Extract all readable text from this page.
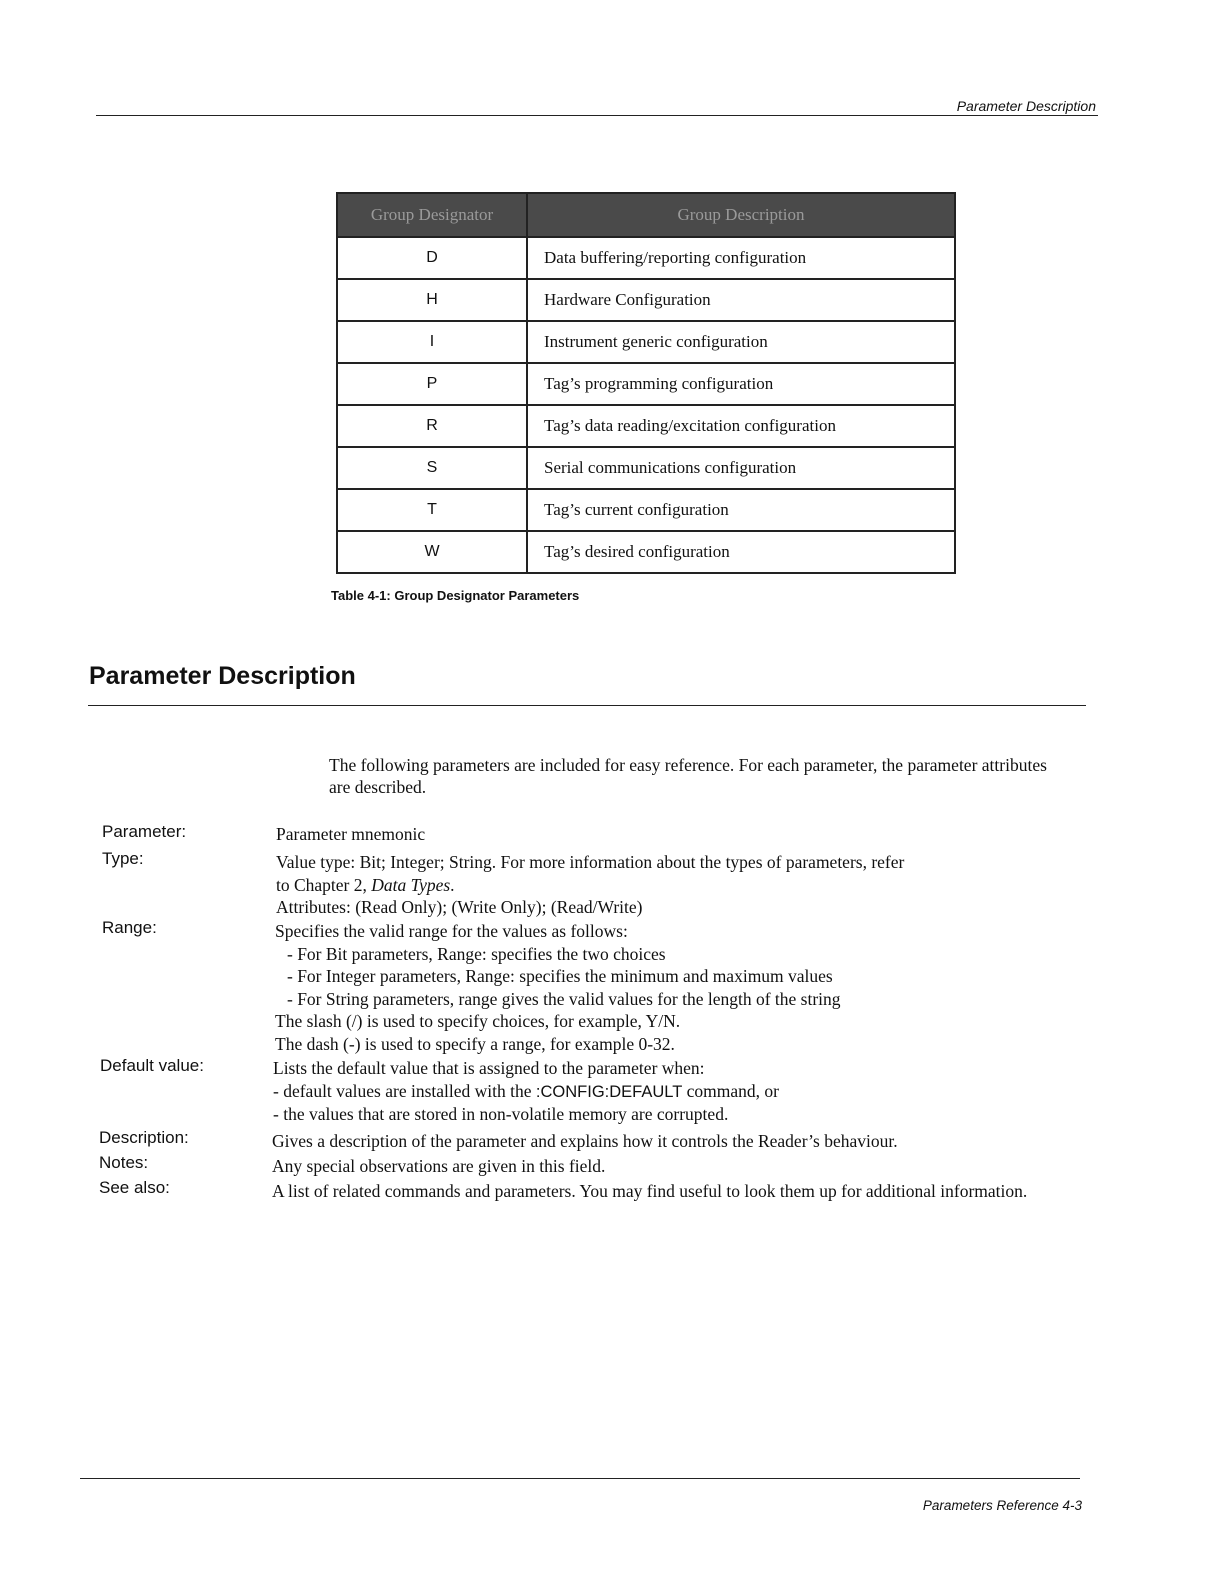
Parameter Description
Group Designator	Group Description
D	Data buffering/reporting configuration
H	Hardware Configuration
I	Instrument generic configuration
P	Tag’s programming configuration
R	Tag’s data reading/excitation configuration
S	Serial communications configuration
T	Tag’s current configuration
W	Tag’s desired configuration
Table 4-1: Group Designator Parameters
Parameter Description

The following parameters are included for easy reference. For each parameter, the parameter attributes are described.

Parameter:	Parameter mnemonic
Type:	Value type: Bit; Integer; String. For more information about the types of parameters, refer
to Chapter 2, Data Types.
Attributes: (Read Only); (Write Only); (Read/Write)
Range:	Specifies the valid range for the values as follows:
- For Bit parameters, Range: specifies the two choices
- For Integer parameters, Range: specifies the minimum and maximum values
- For String parameters, range gives the valid values for the length of the string
The slash (/) is used to specify choices, for example, Y/N.
The dash (-) is used to specify a range, for example 0-32.
Default value:	Lists the default value that is assigned to the parameter when:
- default values are installed with the :CONFIG:DEFAULT command, or
- the values that are stored in non-volatile memory are corrupted.
Description:	Gives a description of the parameter and explains how it controls the Reader’s behaviour.
Notes:	Any special observations are given in this field.
See also:	A list of related commands and parameters. You may find useful to look them up for additional information.
Parameters Reference 4-3
